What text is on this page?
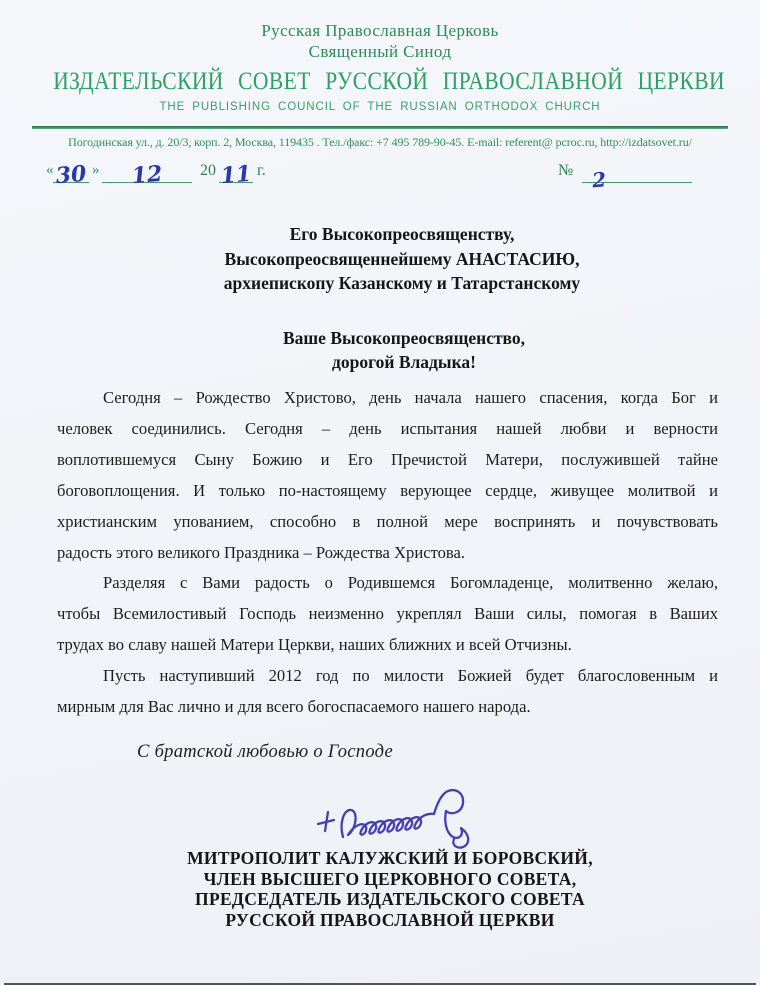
Русская Православная Церковь
Священный Синод
ИЗДАТЕЛЬСКИЙ СОВЕТ РУССКОЙ ПРАВОСЛАВНОЙ ЦЕРКВИ
THE PUBLISHING COUNCIL OF THE RUSSIAN ORTHODOX CHURCH
Погодинская ул., д. 20/3, корп. 2, Москва, 119435 . Тел./факс: +7 495 789-90-45. E-mail: referent@ pcroc.ru, http://izdatsovet.ru/
« 30 »	12	20 11 г.	№ 2
Его Высокопреосвященству,
Высокопреосвященнейшему АНАСТАСИЮ,
архиепископу Казанскому и Татарстанскому
Ваше Высокопреосвященство,
дорогой Владыка!
Сегодня – Рождество Христово, день начала нашего спасения, когда Бог и
человек соединились. Сегодня – день испытания нашей любви и верности
воплотившемуся Сыну Божию и Его Пречистой Матери, послужившей тайне
боговоплощения. И только по-настоящему верующее сердце, живущее молитвой и
христианским упованием, способно в полной мере воспринять и почувствовать
радость этого великого Праздника – Рождества Христова.
Разделяя с Вами радость о Родившемся Богомладенце, молитвенно желаю,
чтобы Всемилостивый Господь неизменно укреплял Ваши силы, помогая в Ваших
трудах во славу нашей Матери Церкви, наших ближних и всей Отчизны.
Пусть наступивший 2012 год по милости Божией будет благословенным и
мирным для Вас лично и для всего богоспасаемого нашего народа.
С братской любовью о Господе
МИТРОПОЛИТ КАЛУЖСКИЙ И БОРОВСКИЙ,
ЧЛЕН ВЫСШЕГО ЦЕРКОВНОГО СОВЕТА,
ПРЕДСЕДАТЕЛЬ ИЗДАТЕЛЬСКОГО СОВЕТА
РУССКОЙ ПРАВОСЛАВНОЙ ЦЕРКВИ
